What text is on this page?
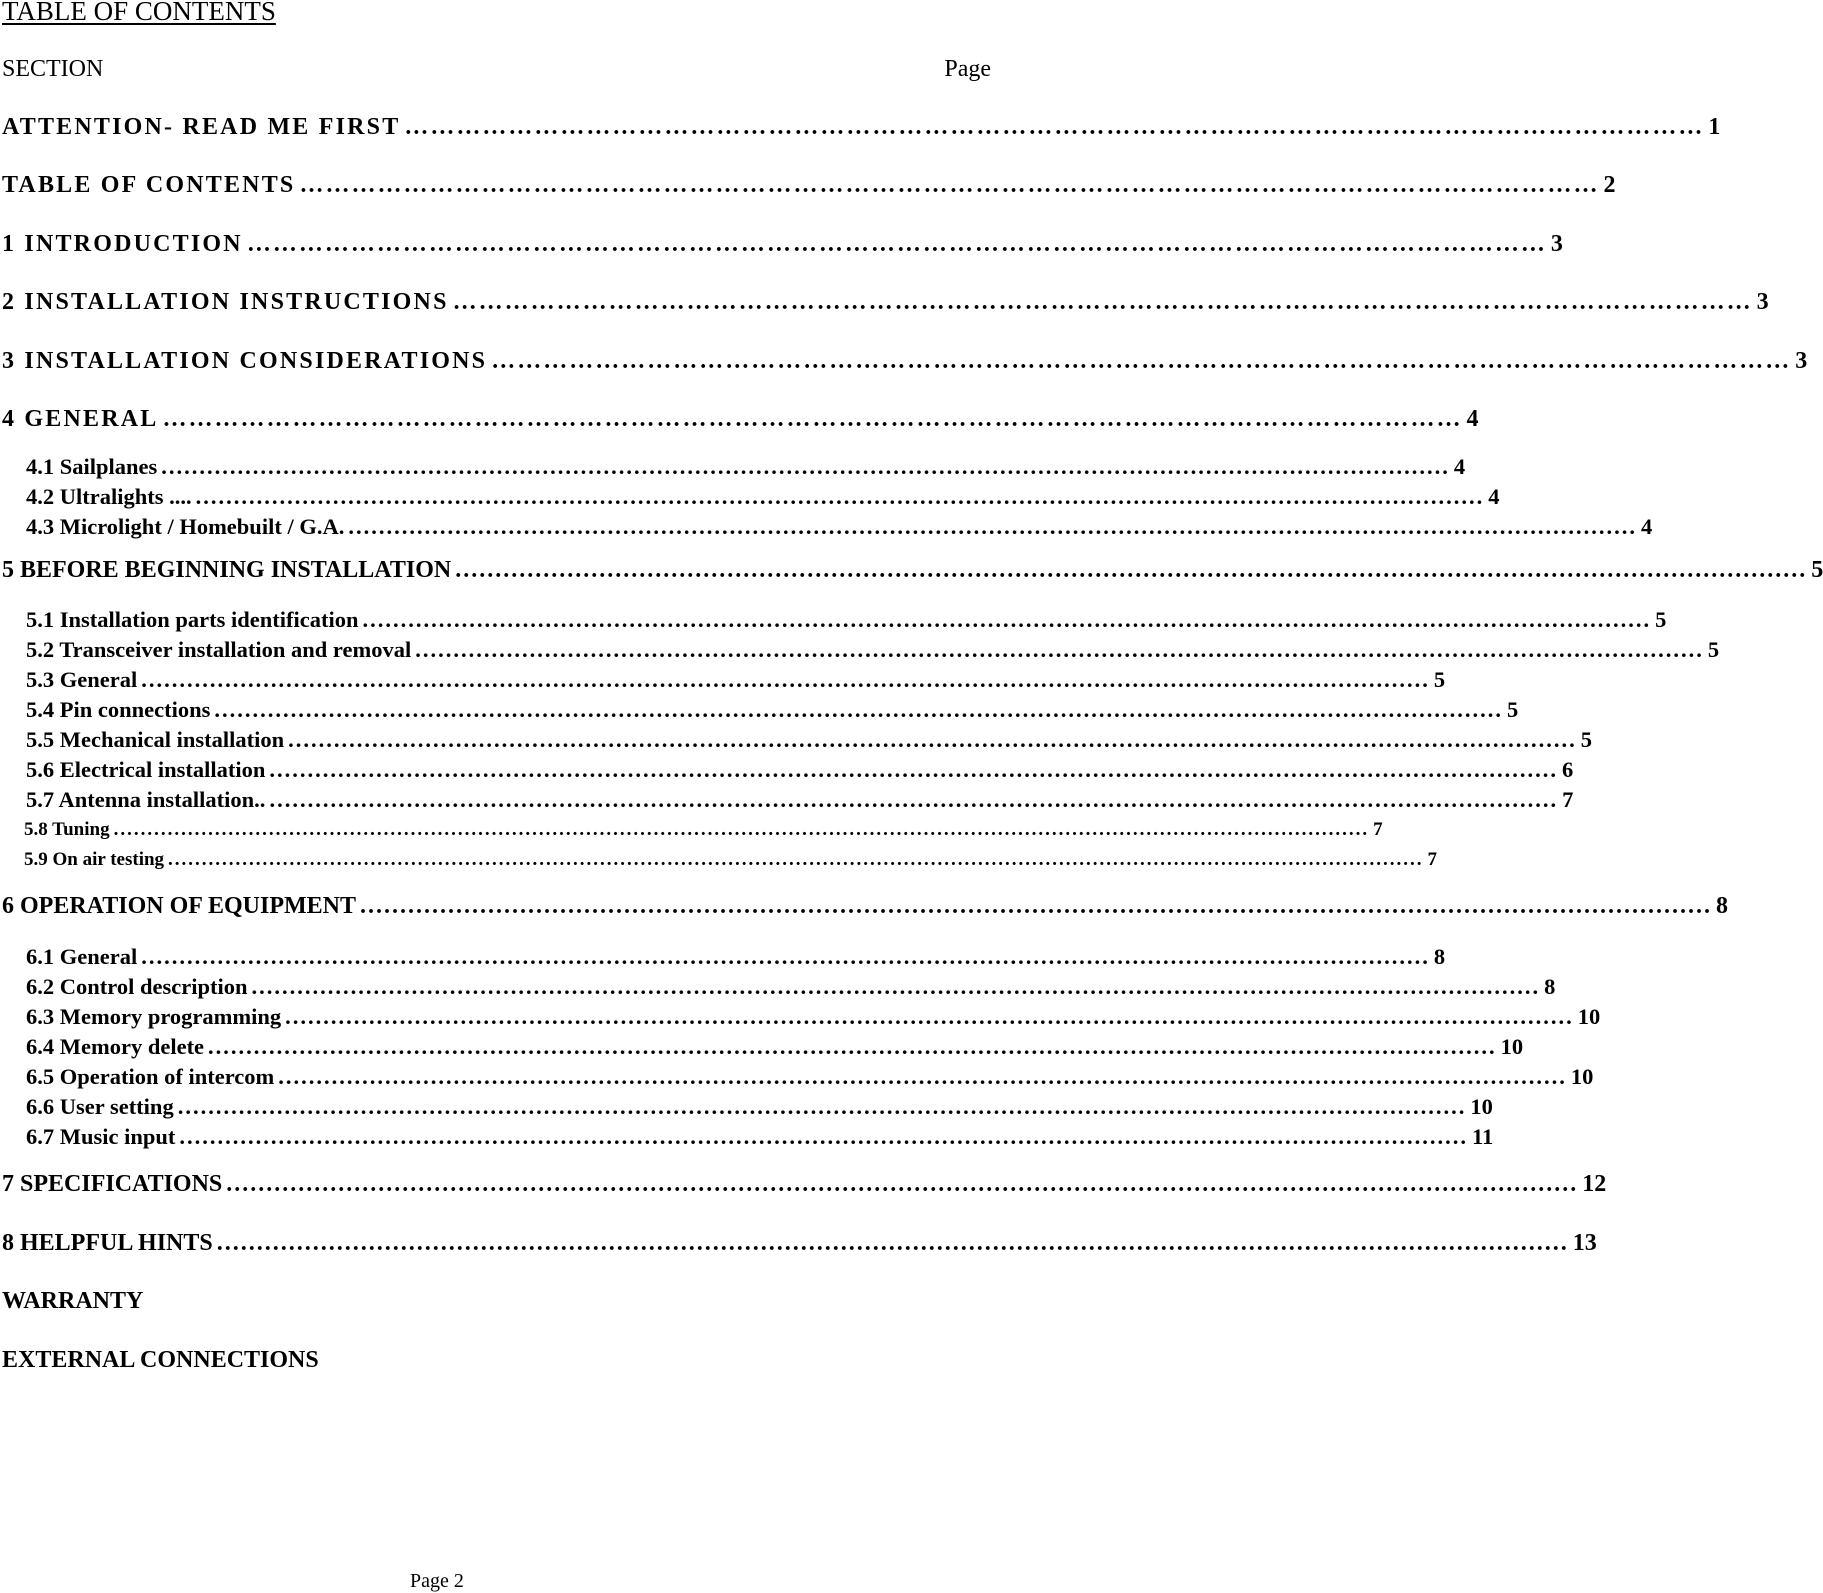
TABLE OF CONTENTS
SECTION	Page
ATTENTION- READ ME FIRST …………………………………………………………………………………………………………………………………… 1
TABLE OF CONTENTS …………………………………………………………………………………………………………………………………… 2
1 INTRODUCTION …………………………………………………………………………………………………………………………………… 3
2 INSTALLATION INSTRUCTIONS …………………………………………………………………………………………………………………………………… 3
3 INSTALLATION CONSIDERATIONS …………………………………………………………………………………………………………………………………… 3
4 GENERAL …………………………………………………………………………………………………………………………………… 4
4.1 Sailplanes ......................................................................................................................................................................... 4
4.2 Ultralights .... ......................................................................................................................................................................... 4
4.3 Microlight / Homebuilt / G.A. ......................................................................................................................................................................... 4
5 BEFORE BEGINNING INSTALLATION ......................................................................................................................................................................... 5
5.1 Installation parts identification ......................................................................................................................................................................... 5
5.2 Transceiver installation and removal ......................................................................................................................................................................... 5
5.3 General ......................................................................................................................................................................... 5
5.4 Pin connections ......................................................................................................................................................................... 5
5.5 Mechanical installation ......................................................................................................................................................................... 5
5.6 Electrical installation ......................................................................................................................................................................... 6
5.7 Antenna installation.. ......................................................................................................................................................................... 7
5.8 Tuning .......................................................................................................................................................................................... 7
5.9 On air testing .......................................................................................................................................................................................... 7
6 OPERATION OF EQUIPMENT ......................................................................................................................................................................... 8
6.1 General ......................................................................................................................................................................... 8
6.2 Control description ......................................................................................................................................................................... 8
6.3 Memory programming ......................................................................................................................................................................... 10
6.4 Memory delete ......................................................................................................................................................................... 10
6.5 Operation of intercom ......................................................................................................................................................................... 10
6.6 User setting ......................................................................................................................................................................... 10
6.7 Music input ......................................................................................................................................................................... 11
7 SPECIFICATIONS ......................................................................................................................................................................... 12
8 HELPFUL HINTS ......................................................................................................................................................................... 13
WARRANTY
EXTERNAL CONNECTIONS
Page 2
